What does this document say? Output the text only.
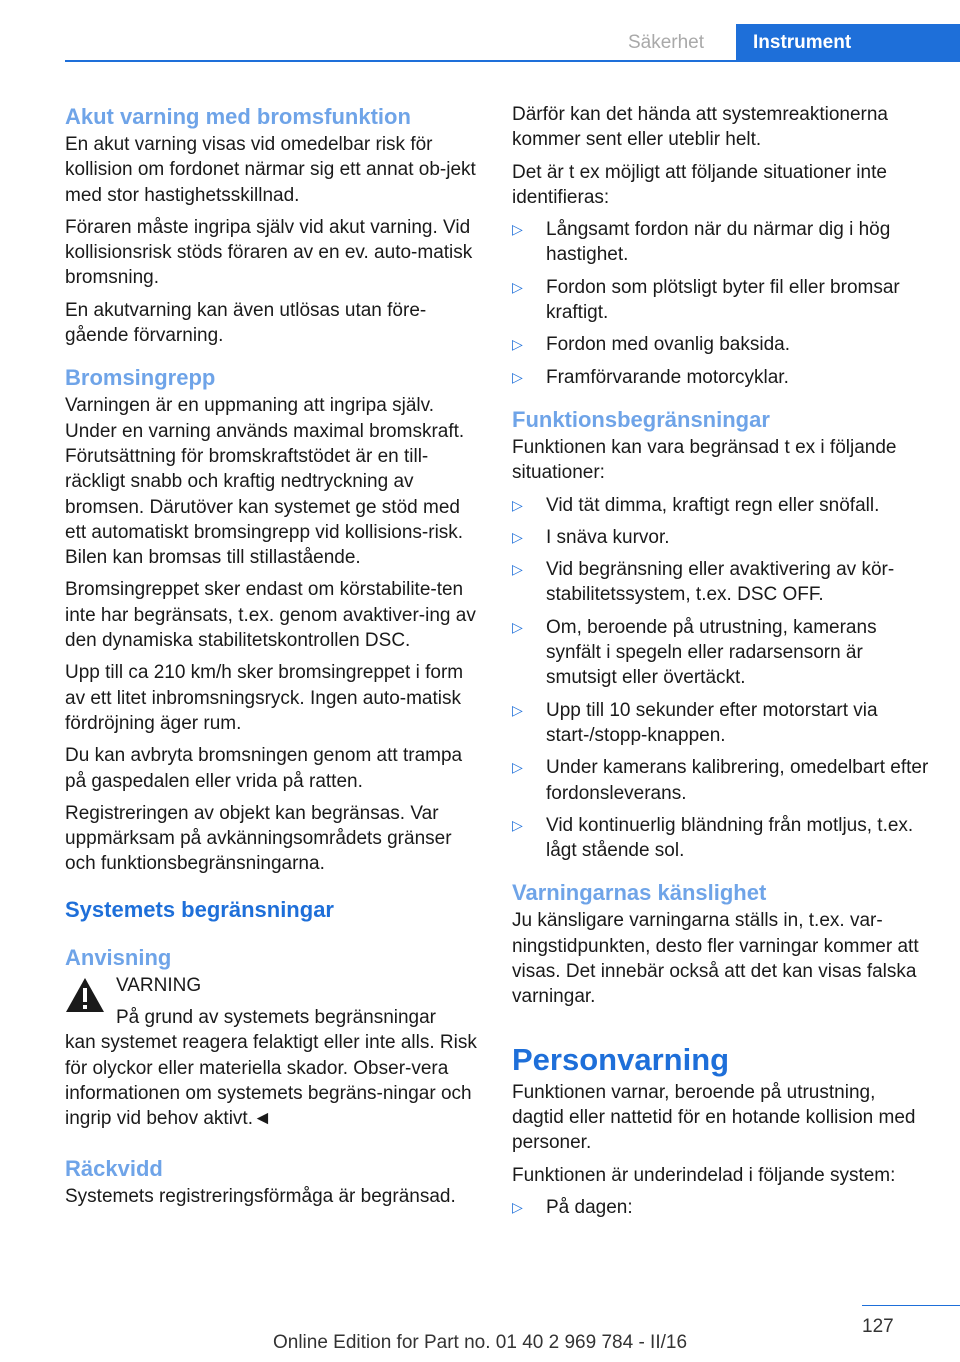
Säkerhet	Instrument
Akut varning med bromsfunktion

En akut varning visas vid omedelbar risk för kollision om fordonet närmar sig ett annat ob-jekt med stor hastighetsskillnad.

Föraren måste ingripa själv vid akut varning. Vid kollisionsrisk stöds föraren av en ev. auto-matisk bromsning.

En akutvarning kan även utlösas utan före-gående förvarning.

Bromsingrepp

Varningen är en uppmaning att ingripa själv. Under en varning används maximal bromskraft. Förutsättning för bromskraftstödet är en till-räckligt snabb och kraftig nedtryckning av bromsen. Därutöver kan systemet ge stöd med ett automatiskt bromsingrepp vid kollisions-risk. Bilen kan bromsas till stillastående.

Bromsingreppet sker endast om körstabilite-ten inte har begränsats, t.ex. genom avaktiver-ing av den dynamiska stabilitetskontrollen DSC.

Upp till ca 210 km/h sker bromsingreppet i form av ett litet inbromsningsryck. Ingen auto-matisk fördröjning äger rum.

Du kan avbryta bromsningen genom att trampa på gaspedalen eller vrida på ratten.

Registreringen av objekt kan begränsas. Var uppmärksam på avkänningsområdets gränser och funktionsbegränsningarna.

Systemets begränsningar
Anvisning
VARNING

På grund av systemets begränsningar

kan systemet reagera felaktigt eller inte alls. Risk för olyckor eller materiella skador. Obser-vera informationen om systemets begräns-ningar och ingrip vid behov aktivt.◄

Räckvidd

Systemets registreringsförmåga är begränsad.

Därför kan det hända att systemreaktionerna kommer sent eller uteblir helt.

Det är t ex möjligt att följande situationer inte identifieras:

▷ Långsamt fordon när du närmar dig i hög hastighet.
▷ Fordon som plötsligt byter fil eller bromsar kraftigt.
▷ Fordon med ovanlig baksida.
▷ Framförvarande motorcyklar.
Funktionsbegränsningar

Funktionen kan vara begränsad t ex i följande situationer:

▷ Vid tät dimma, kraftigt regn eller snöfall.
▷ I snäva kurvor.
▷ Vid begränsning eller avaktivering av kör-stabilitetssystem, t.ex. DSC OFF.
▷ Om, beroende på utrustning, kamerans synfält i spegeln eller radarsensorn är smutsigt eller övertäckt.
▷ Upp till 10 sekunder efter motorstart via start-/stopp-knappen.
▷ Under kamerans kalibrering, omedelbart efter fordonsleverans.
▷ Vid kontinuerlig bländning från motljus, t.ex. lågt stående sol.
Varningarnas känslighet

Ju känsligare varningarna ställs in, t.ex. var-ningstidpunkten, desto fler varningar kommer att visas. Det innebär också att det kan visas falska varningar.

Personvarning

Funktionen varnar, beroende på utrustning, dagtid eller nattetid för en hotande kollision med personer.

Funktionen är underindelad i följande system:

▷ På dagen:
127
Online Edition for Part no. 01 40 2 969 784 - II/16
